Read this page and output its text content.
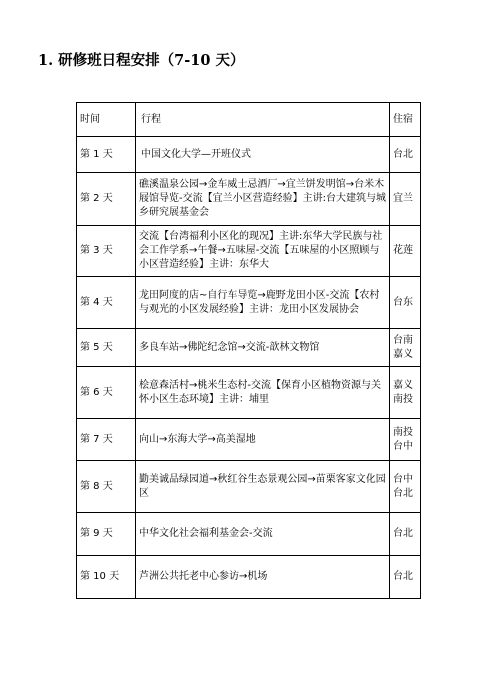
1. 研修班日程安排（7-10 天）
时间	行程	住宿
第 1 天	中国文化大学—开班仪式	台北
第 2 天	礁溪温泉公园→金车威士忌酒厂→宜兰饼发明馆→台米木屐馆导览-交流【宜兰小区营造经验】主讲:台大建筑与城乡研究展基金会	宜兰
第 3 天	交流【台湾福利小区化的现况】主讲:东华大学民族与社会工作学系→午餐→五味屋-交流【五味屋的小区照顾与小区营造经验】主讲：东华大	花莲
第 4 天	龙田阿度的店~自行车导览→鹿野龙田小区-交流【农村与观光的小区发展经验】主讲：龙田小区发展协会	台东
第 5 天	多良车站→佛陀纪念馆→交流-歆林文物馆	台南 嘉义
第 6 天	桧意森活村→桃米生态村-交流【保育小区植物资源与关怀小区生态环境】主讲：埔里	嘉义 南投
第 7 天	向山→东海大学→高美湿地	南投 台中
第 8 天	勤美诚品绿园道→秋红谷生态景观公园→苗栗客家文化园区	台中 台北
第 9 天	中华文化社会福利基金会-交流	台北
第 10 天	芦洲公共托老中心参访→机场	台北
